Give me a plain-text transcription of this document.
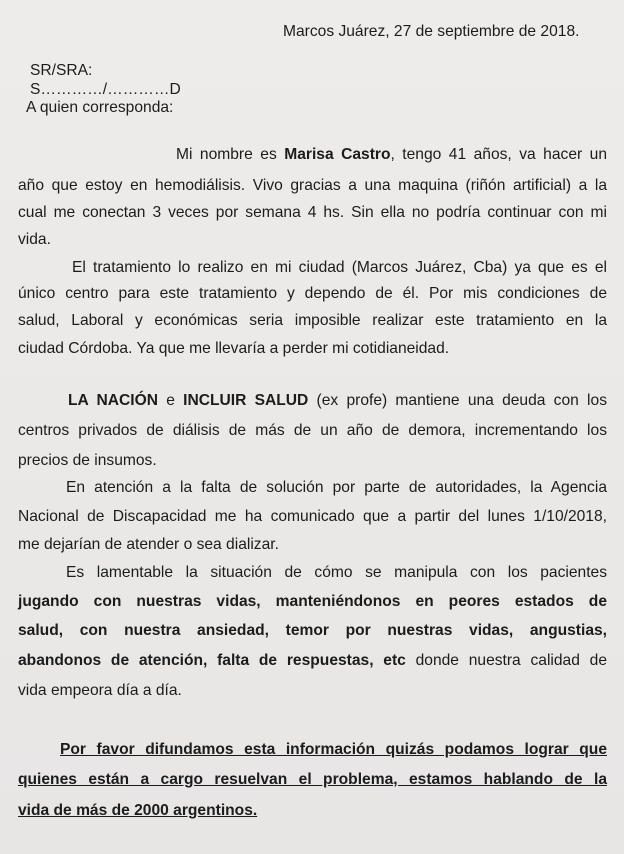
Marcos Juárez, 27 de septiembre de 2018.
SR/SRA:
S…………/…………D
A quien corresponda:
Mi nombre es Marisa Castro, tengo 41 años, va hacer un
año que estoy en hemodiálisis. Vivo gracias a una maquina (riñón artificial) a la
cual me conectan 3 veces por semana 4 hs. Sin ella no podría continuar con mi
vida.
El tratamiento lo realizo en mi ciudad (Marcos Juárez, Cba) ya que es el
único centro para este tratamiento y dependo de él. Por mis condiciones de
salud, Laboral y económicas seria imposible realizar este tratamiento en la
ciudad Córdoba. Ya que me llevaría a perder mi cotidianeidad.
LA NACIÓN e INCLUIR SALUD (ex profe) mantiene una deuda con los
centros privados de diálisis de más de un año de demora, incrementando los
precios de insumos.
En atención a la falta de solución por parte de autoridades, la Agencia
Nacional de Discapacidad me ha comunicado que a partir del lunes 1/10/2018,
me dejarían de atender o sea dializar.
Es lamentable la situación de cómo se manipula con los pacientes
jugando con nuestras vidas, manteniéndonos en peores estados de
salud, con nuestra ansiedad, temor por nuestras vidas, angustias,
abandonos de atención, falta de respuestas, etc donde nuestra calidad de
vida empeora día a día.
Por favor difundamos esta información quizás podamos lograr que
quienes están a cargo resuelvan el problema, estamos hablando de la
vida de más de 2000 argentinos.
